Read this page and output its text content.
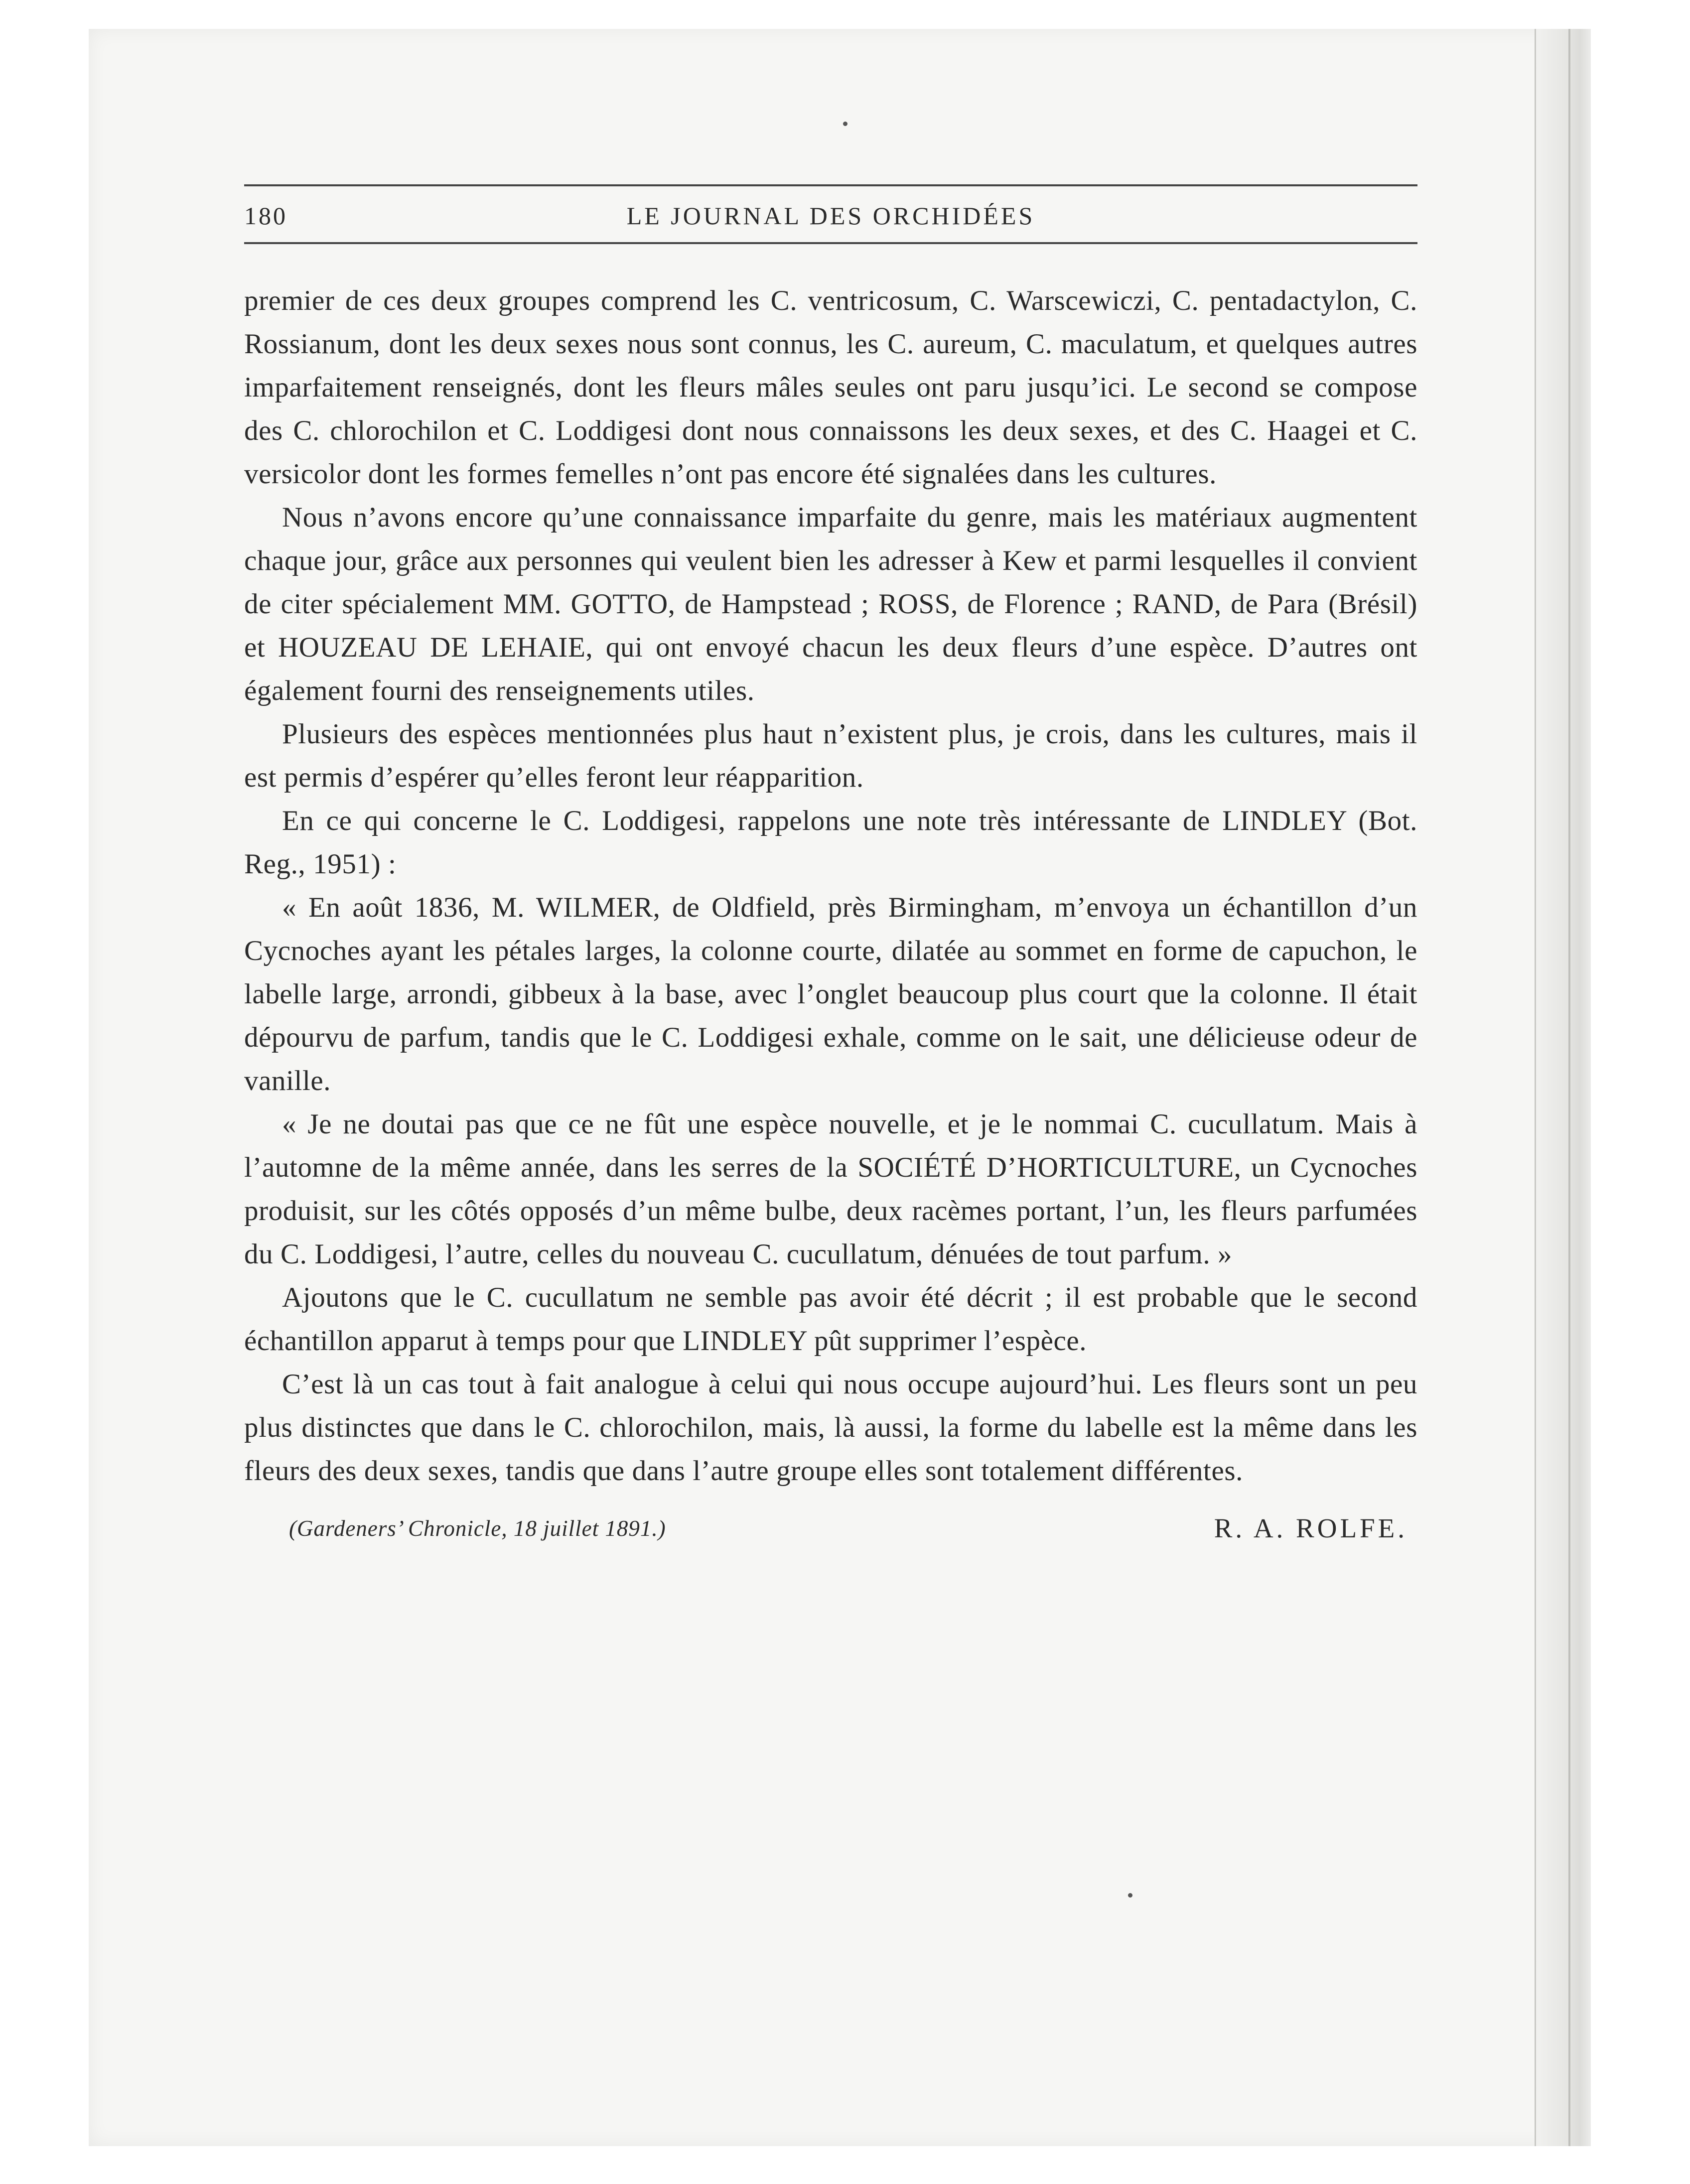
180	LE JOURNAL DES ORCHIDÉES

premier de ces deux groupes comprend les C. ventricosum, C. Warscewiczi, C. pentadactylon, C. Rossianum, dont les deux sexes nous sont connus, les C. aureum, C. maculatum, et quelques autres imparfaitement renseignés, dont les fleurs mâles seules ont paru jusqu’ici. Le second se compose des C. chlorochilon et C. Loddigesi dont nous connaissons les deux sexes, et des C. Haagei et C. versicolor dont les formes femelles n’ont pas encore été signalées dans les cultures.

Nous n’avons encore qu’une connaissance imparfaite du genre, mais les matériaux augmentent chaque jour, grâce aux personnes qui veulent bien les adresser à Kew et parmi lesquelles il convient de citer spécialement MM. GOTTO, de Hampstead ; ROSS, de Florence ; RAND, de Para (Brésil) et HOUZEAU DE LEHAIE, qui ont envoyé chacun les deux fleurs d’une espèce. D’autres ont également fourni des renseignements utiles.

Plusieurs des espèces mentionnées plus haut n’existent plus, je crois, dans les cultures, mais il est permis d’espérer qu’elles feront leur réapparition.

En ce qui concerne le C. Loddigesi, rappelons une note très intéressante de LINDLEY (Bot. Reg., 1951) :

« En août 1836, M. WILMER, de Oldfield, près Birmingham, m’envoya un échantillon d’un Cycnoches ayant les pétales larges, la colonne courte, dilatée au sommet en forme de capuchon, le labelle large, arrondi, gibbeux à la base, avec l’onglet beaucoup plus court que la colonne. Il était dépourvu de parfum, tandis que le C. Loddigesi exhale, comme on le sait, une délicieuse odeur de vanille.

« Je ne doutai pas que ce ne fût une espèce nouvelle, et je le nommai C. cucullatum. Mais à l’automne de la même année, dans les serres de la SOCIÉTÉ D’HORTICULTURE, un Cycnoches produisit, sur les côtés opposés d’un même bulbe, deux racèmes portant, l’un, les fleurs parfumées du C. Loddigesi, l’autre, celles du nouveau C. cucullatum, dénuées de tout parfum. »

Ajoutons que le C. cucullatum ne semble pas avoir été décrit ; il est probable que le second échantillon apparut à temps pour que LINDLEY pût supprimer l’espèce.

C’est là un cas tout à fait analogue à celui qui nous occupe aujourd’hui. Les fleurs sont un peu plus distinctes que dans le C. chlorochilon, mais, là aussi, la forme du labelle est la même dans les fleurs des deux sexes, tandis que dans l’autre groupe elles sont totalement différentes.

(Gardeners’ Chronicle, 18 juillet 1891.)	R. A. ROLFE.
